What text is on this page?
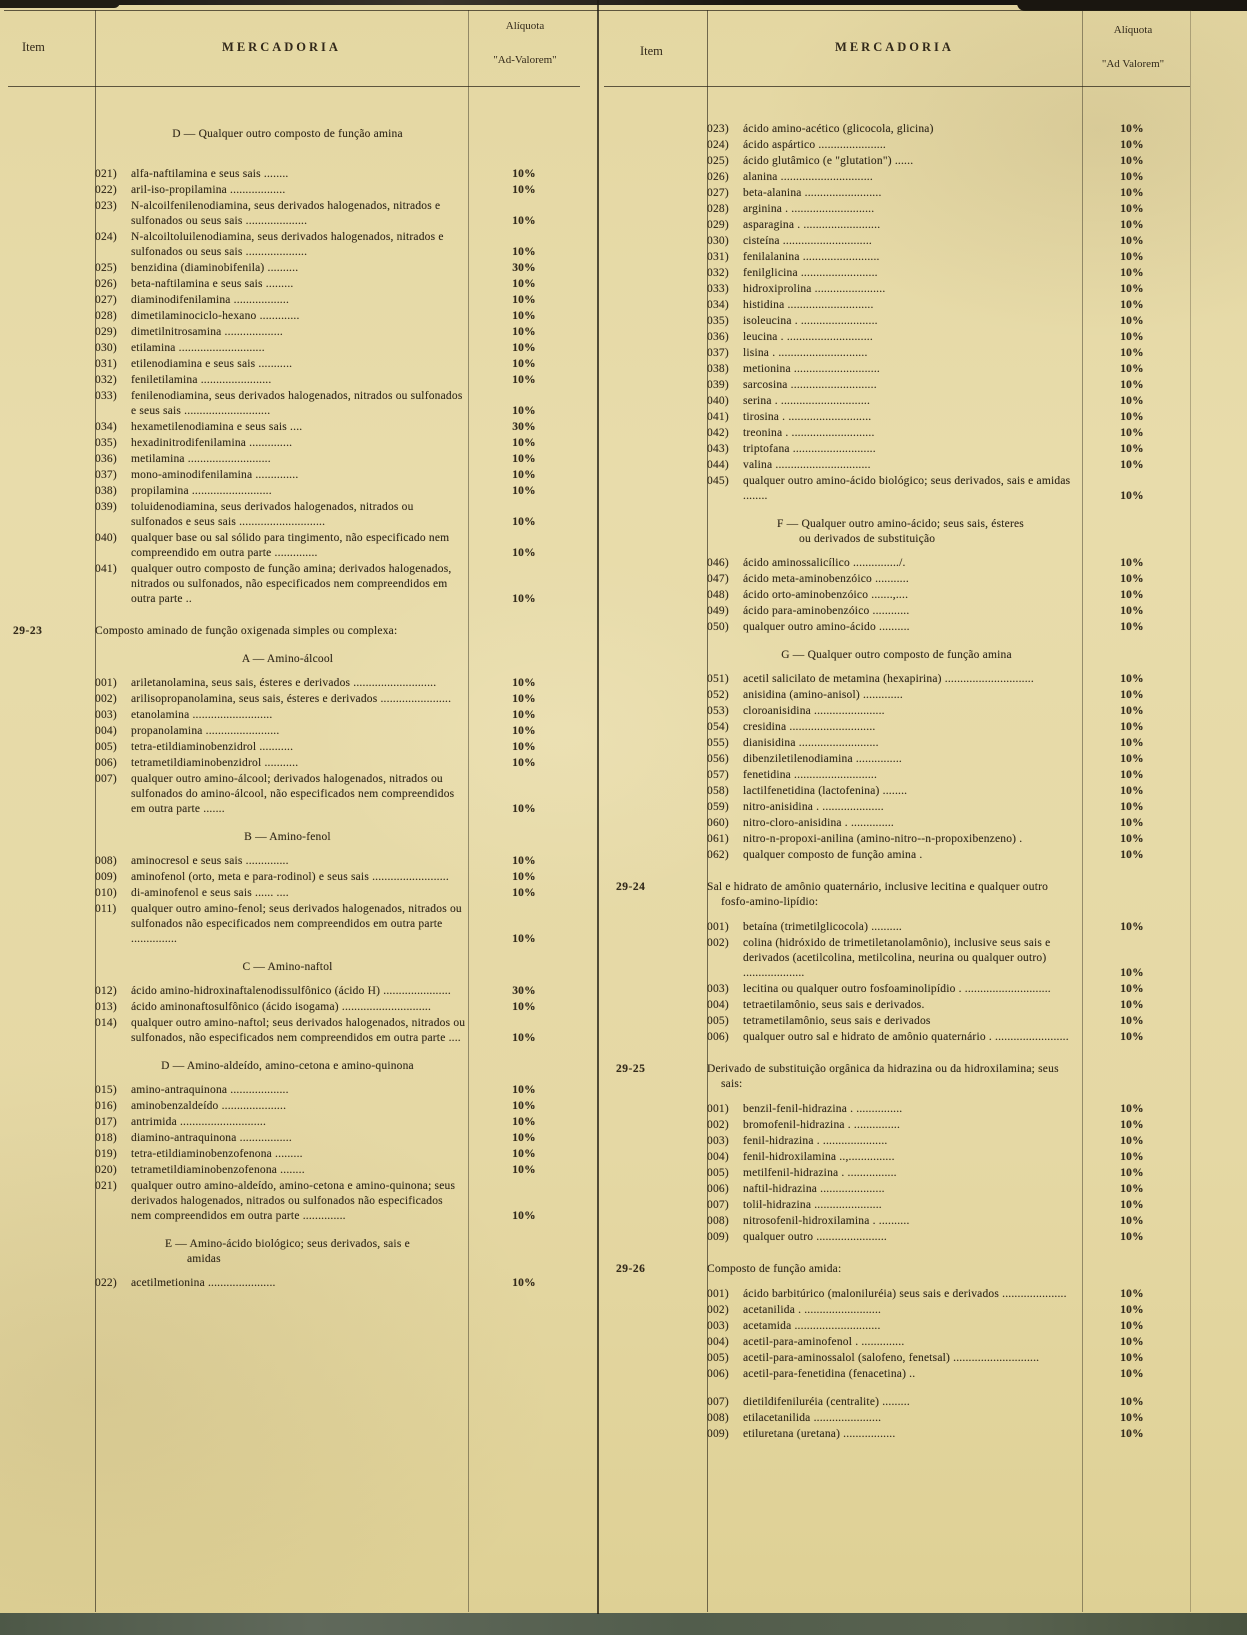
Item	MERCADORIA
Alíquota
"Ad-Valorem"
Item	MERCADORIA
Alíquota
"Ad Valorem"
D — Qualquer outro composto de função amina
021)	alfa-naftilamina e seus sais ........	10%
022)	aril-iso-propilamina ..................	10%
023)	N-alcoilfenilenodiamina, seus derivados halogenados, nitrados e sulfonados ou seus sais ....................	10%
024)	N-alcoiltoluilenodiamina, seus derivados halogenados, nitrados e sulfonados ou seus sais ....................	10%
025)	benzidina (diaminobifenila) ..........	30%
026)	beta-naftilamina e seus sais .........	10%
027)	diaminodifenilamina ..................	10%
028)	dimetilaminociclo-hexano .............	10%
029)	dimetilnitrosamina ...................	10%
030)	etilamina ............................	10%
031)	etilenodiamina e seus sais ...........	10%
032)	feniletilamina .......................	10%
033)	fenilenodiamina, seus derivados halogenados, nitrados ou sulfonados e seus sais ............................	10%
034)	hexametilenodiamina e seus sais ....	30%
035)	hexadinitrodifenilamina ..............	10%
036)	metilamina ...........................	10%
037)	mono-aminodifenilamina ..............	10%
038)	propilamina ..........................	10%
039)	toluidenodiamina, seus derivados halogenados, nitrados ou sulfonados e seus sais ............................	10%
040)	qualquer base ou sal sólido para tingimento, não especificado nem compreendido em outra parte ..............	10%
041)	qualquer outro composto de função amina; derivados halogenados, nitrados ou sulfonados, não especificados nem compreendidos em outra parte ..	10%
29-23	Composto aminado de função oxigenada simples ou complexa:
A — Amino-álcool
001)	ariletanolamina, seus sais, ésteres e derivados ...........................	10%
002)	arilisopropanolamina, seus sais, ésteres e derivados .......................	10%
003)	etanolamina ..........................	10%
004)	propanolamina ........................	10%
005)	tetra-etildiaminobenzidrol ...........	10%
006)	tetrametildiaminobenzidrol ...........	10%
007)	qualquer outro amino-álcool; derivados halogenados, nitrados ou sulfonados do amino-álcool, não especificados nem compreendidos em outra parte .......	10%
B — Amino-fenol
008)	aminocresol e seus sais ..............	10%
009)	aminofenol (orto, meta e para-rodinol) e seus sais .........................	10%
010)	di-aminofenol e seus sais ...... ....	10%
011)	qualquer outro amino-fenol; seus derivados halogenados, nitrados ou sulfonados não especificados nem compreendidos em outra parte ...............	10%
C — Amino-naftol
012)	ácido amino-hidroxinaftalenodissulfônico (ácido H) ......................	30%
013)	ácido aminonaftosulfônico (ácido isogama) .............................	10%
014)	qualquer outro amino-naftol; seus derivados halogenados, nitrados ou sulfonados, não especificados nem compreendidos em outra parte ....	10%
D — Amino-aldeído, amino-cetona e amino-quinona
015)	amino-antraquinona ...................	10%
016)	aminobenzaldeído .....................	10%
017)	antrimida ............................	10%
018)	diamino-antraquinona .................	10%
019)	tetra-etildiaminobenzofenona .........	10%
020)	tetrametildiaminobenzofenona ........	10%
021)	qualquer outro amino-aldeído, amino-cetona e amino-quinona; seus derivados halogenados, nitrados ou sulfonados não especificados nem compreendidos em outra parte ..............	10%
E — Amino-ácido biológico; seus derivados, sais e amidas
022)	acetilmetionina ......................	10%
023)	ácido amino-acético (glicocola, glicina)	10%
024)	ácido aspártico ......................	10%
025)	ácido glutâmico (e "glutation") ......	10%
026)	alanina ..............................	10%
027)	beta-alanina .........................	10%
028)	arginina . ...........................	10%
029)	asparagina . .........................	10%
030)	cisteína .............................	10%
031)	fenilalanina .........................	10%
032)	fenilglicina .........................	10%
033)	hidroxiprolina .......................	10%
034)	histidina ............................	10%
035)	isoleucina . .........................	10%
036)	leucina . ............................	10%
037)	lisina . .............................	10%
038)	metionina ............................	10%
039)	sarcosina ............................	10%
040)	serina . .............................	10%
041)	tirosina . ...........................	10%
042)	treonina . ...........................	10%
043)	triptofana ...........................	10%
044)	valina ...............................	10%
045)	qualquer outro amino-ácido biológico; seus derivados, sais e amidas ........	10%
F — Qualquer outro amino-ácido; seus sais, ésteres ou derivados de substituição
046)	ácido aminossalicílico .............../.	10%
047)	ácido meta-aminobenzóico ...........	10%
048)	ácido orto-aminobenzóico .......,....	10%
049)	ácido para-aminobenzóico ............	10%
050)	qualquer outro amino-ácido ..........	10%
G — Qualquer outro composto de função amina
051)	acetil salicilato de metamina (hexapirina) .............................	10%
052)	anisidina (amino-anisol) .............	10%
053)	cloroanisidina .......................	10%
054)	cresidina ............................	10%
055)	dianisidina ..........................	10%
056)	dibenziletilenodiamina ...............	10%
057)	fenetidina ...........................	10%
058)	lactilfenetidina (lactofenina) ........	10%
059)	nitro-anisidina . ....................	10%
060)	nitro-cloro-anisidina . ..............	10%
061)	nitro-n-propoxi-anilina (amino-nitro--n-propoxibenzeno) .	10%
062)	qualquer composto de função amina .	10%
29-24	Sal e hidrato de amônio quaternário, inclusive lecitina e qualquer outro fosfo-amino-lipídio:
001)	betaína (trimetilglicocola) ..........	10%
002)	colina (hidróxido de trimetiletanolamônio), inclusive seus sais e derivados (acetilcolina, metilcolina, neurina ou qualquer outro) ....................	10%
003)	lecitina ou qualquer outro fosfoaminolipídio . ............................	10%
004)	tetraetilamônio, seus sais e derivados.	10%
005)	tetrametilamônio, seus sais e derivados	10%
006)	qualquer outro sal e hidrato de amônio quaternário . ........................	10%
29-25	Derivado de substituição orgânica da hidrazina ou da hidroxilamina; seus sais:
001)	benzil-fenil-hidrazina . ...............	10%
002)	bromofenil-hidrazina . ...............	10%
003)	fenil-hidrazina . .....................	10%
004)	fenil-hidroxilamina ..,...............	10%
005)	metilfenil-hidrazina . ................	10%
006)	naftil-hidrazina .....................	10%
007)	tolil-hidrazina ......................	10%
008)	nitrosofenil-hidroxilamina . ..........	10%
009)	qualquer outro .......................	10%
29-26	Composto de função amida:
001)	ácido barbitúrico (maloniluréia) seus sais e derivados .....................	10%
002)	acetanilida . .........................	10%
003)	acetamida ............................	10%
004)	acetil-para-aminofenol . ..............	10%
005)	acetil-para-aminossalol (salofeno, fenetsal) ............................	10%
006)	acetil-para-fenetidina (fenacetina) ..	10%
007)	dietildifeniluréia (centralite) .........	10%
008)	etilacetanilida ......................	10%
009)	etiluretana (uretana) .................	10%
